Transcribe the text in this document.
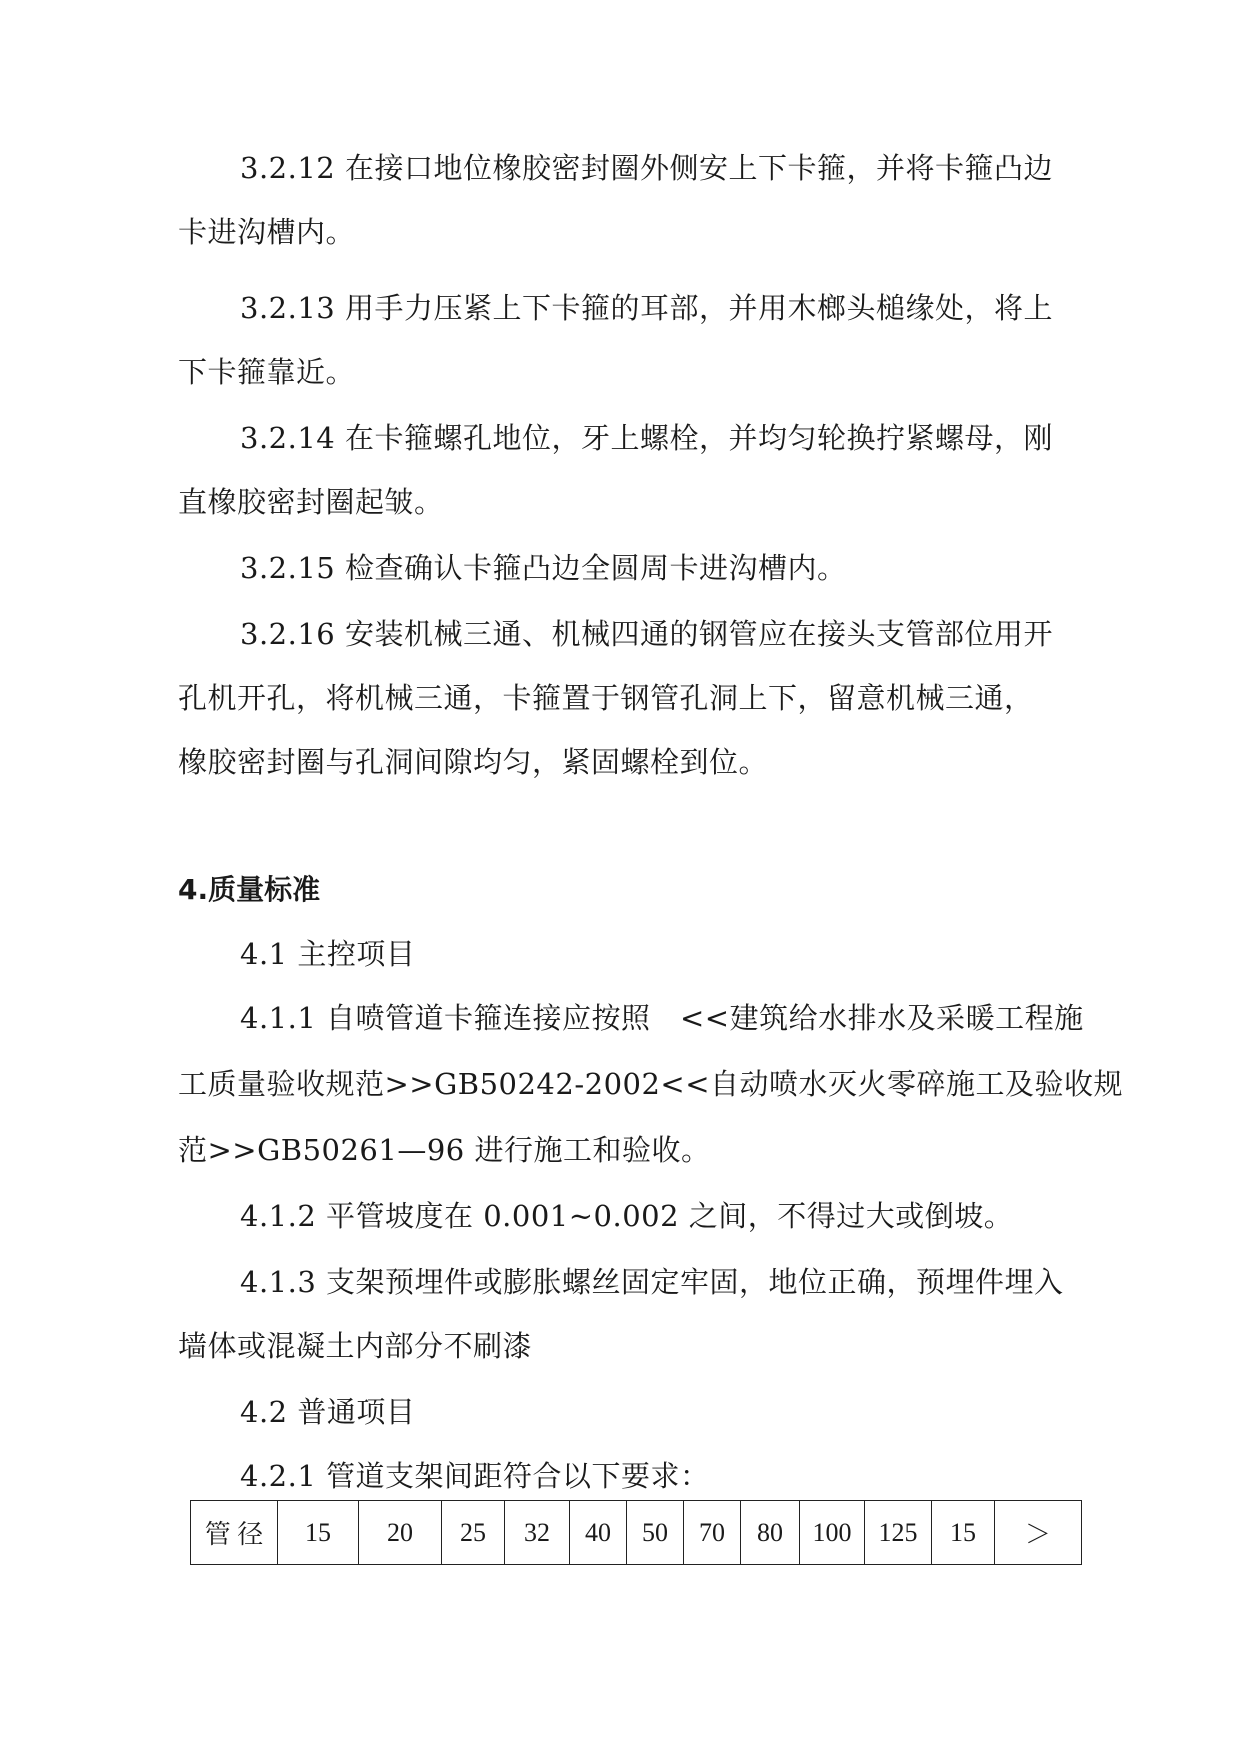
3.2.12 在接口地位橡胶密封圈外侧安上下卡箍，并将卡箍凸边
卡进沟槽内。
3.2.13 用手力压紧上下卡箍的耳部，并用木榔头槌缘处，将上
下卡箍靠近。
3.2.14 在卡箍螺孔地位，牙上螺栓，并均匀轮换拧紧螺母，刚
直橡胶密封圈起皱。
3.2.15 检查确认卡箍凸边全圆周卡进沟槽内。
3.2.16 安装机械三通、机械四通的钢管应在接头支管部位用开
孔机开孔，将机械三通，卡箍置于钢管孔洞上下，留意机械三通，
橡胶密封圈与孔洞间隙均匀，紧固螺栓到位。
4.质量标准
4.1 主控项目
4.1.1 自喷管道卡箍连接应按照　<<建筑给水排水及采暖工程施
工质量验收规范>>GB50242-2002<<自动喷水灭火零碎施工及验收规
范>>GB50261—96 进行施工和验收。
4.1.2 平管坡度在 0.001~0.002 之间，不得过大或倒坡。
4.1.3 支架预埋件或膨胀螺丝固定牢固，地位正确，预埋件埋入
墙体或混凝土内部分不刷漆
4.2 普通项目
4.2.1 管道支架间距符合以下要求：
管 径	15	20	25	32	40	50	70	80	100	125	15	＞
